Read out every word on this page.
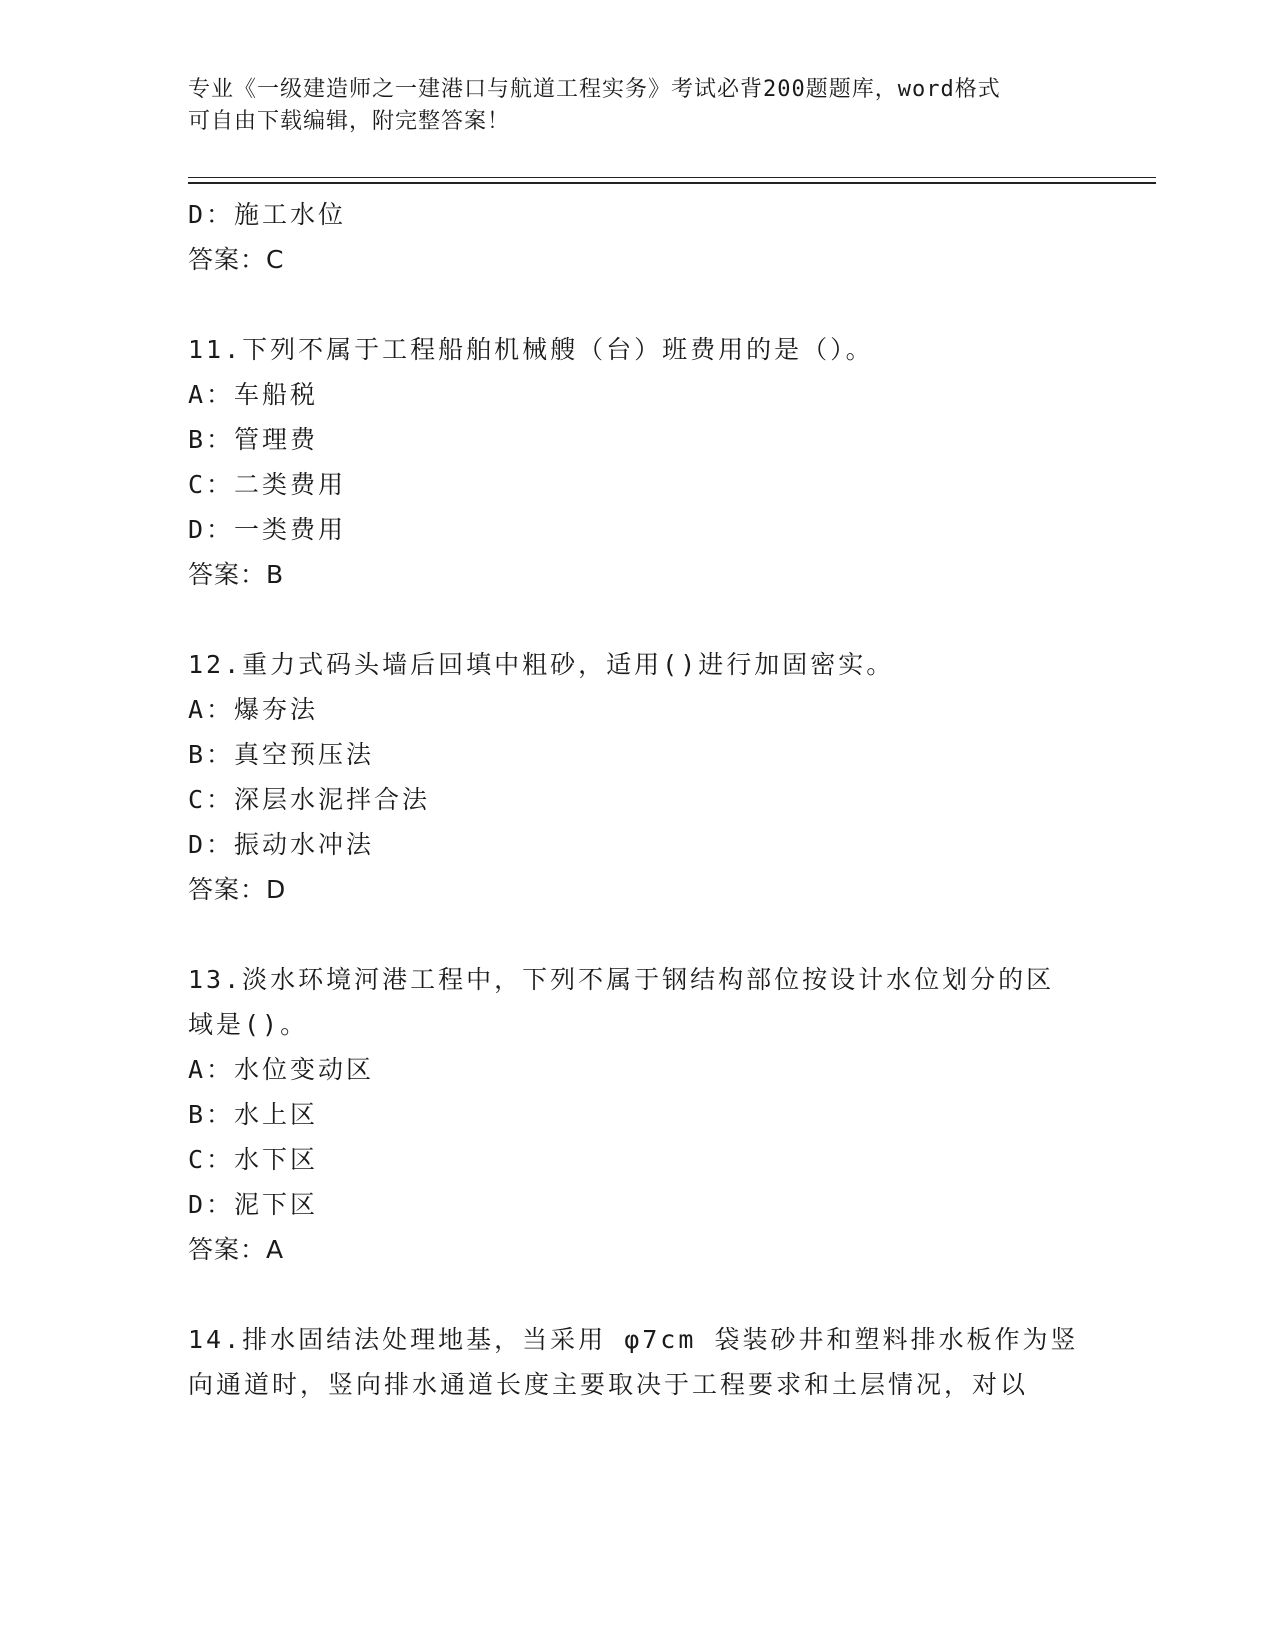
专业《一级建造师之一建港口与航道工程实务》考试必背200题题库，word格式
可自由下载编辑，附完整答案！
D：施工水位
答案：C
11.下列不属于工程船舶机械艘（台）班费用的是（）。
A：车船税
B：管理费
C：二类费用
D：一类费用
答案：B
12.重力式码头墙后回填中粗砂，适用()进行加固密实。
A：爆夯法
B：真空预压法
C：深层水泥拌合法
D：振动水冲法
答案：D
13.淡水环境河港工程中，下列不属于钢结构部位按设计水位划分的区
域是()。
A：水位变动区
B：水上区
C：水下区
D：泥下区
答案：A
14.排水固结法处理地基，当采用 φ7cm 袋装砂井和塑料排水板作为竖
向通道时，竖向排水通道长度主要取决于工程要求和土层情况，对以
